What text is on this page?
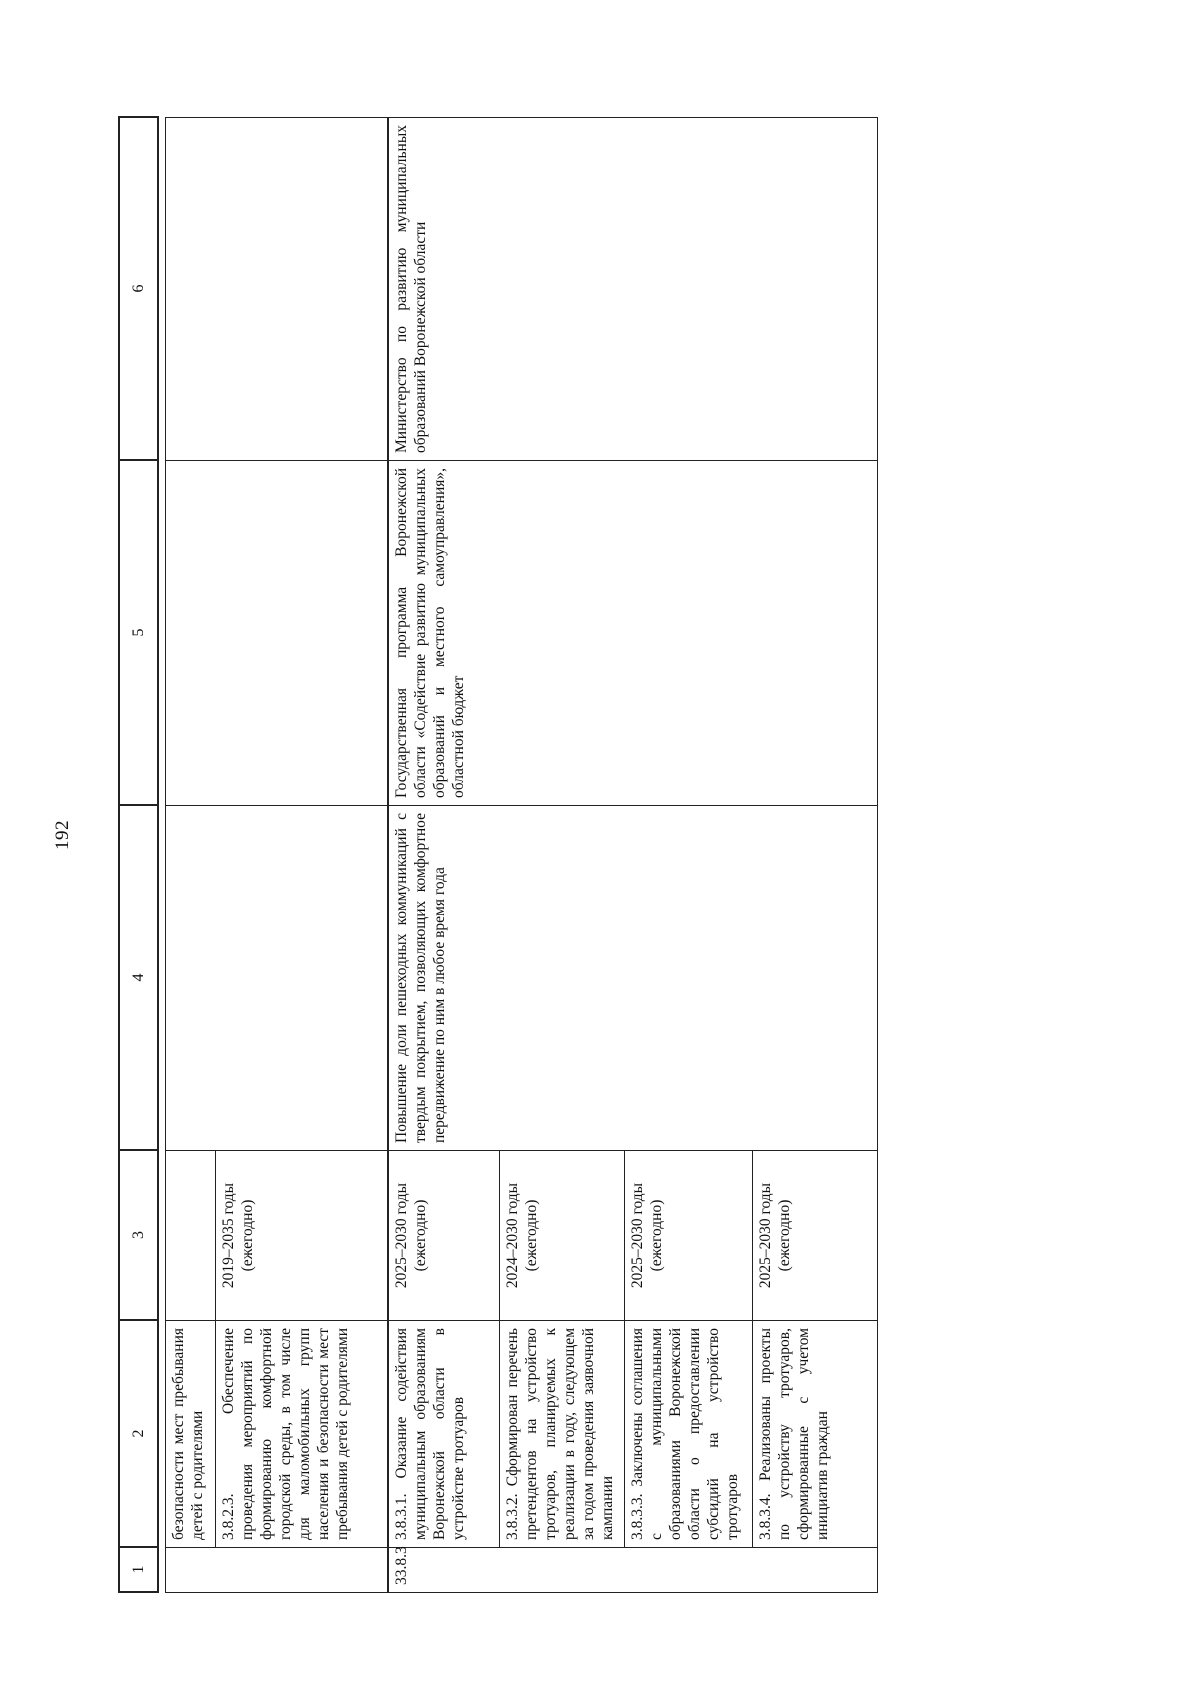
192
1	2	3	4	5	6
	безопасности мест пребывания детей с родителями				
	3.8.2.3. Обеспечение проведения мероприятий по формированию комфортной городской среды, в том числе для маломобильных групп населения и безопасности мест пребывания детей с родителями	2019–2035 годы (ежегодно)			
33.8.3	3.8.3.1. Оказание содействия муниципальным образованиям Воронежской области в устройстве тротуаров	2025–2030 годы (ежегодно)	Повышение доли пешеходных коммуникаций с твердым покрытием, позволяющих комфортное передвижение по ним в любое время года	Государственная программа Воронежской области «Содействие развитию муниципальных образований и местного самоуправления», областной бюджет	Министерство по развитию муниципальных образований Воронежской области
	3.8.3.2. Сформирован перечень претендентов на устройство тротуаров, планируемых к реализации в году, следующем за годом проведения заявочной кампании	2024–2030 годы (ежегодно)			
	3.8.3.3. Заключены соглашения с муниципальными образованиями Воронежской области о предоставлении субсидий на устройство тротуаров	2025–2030 годы (ежегодно)			
	3.8.3.4. Реализованы проекты по устройству тротуаров, сформированные с учетом инициатив граждан	2025–2030 годы (ежегодно)			
